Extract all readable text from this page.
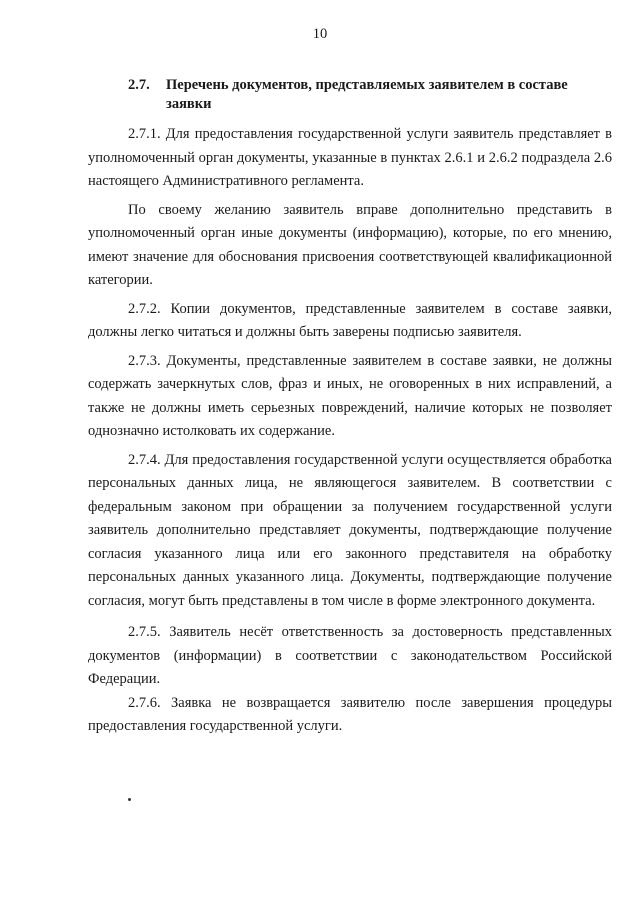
10
2.7. Перечень документов, представляемых заявителем в составе
заявки

2.7.1. Для предоставления государственной услуги заявитель представляет в уполномоченный орган документы, указанные в пунктах 2.6.1 и 2.6.2 подраздела 2.6 настоящего Административного регламента.

По своему желанию заявитель вправе дополнительно представить в уполномоченный орган иные документы (информацию), которые, по его мнению, имеют значение для обоснования присвоения соответствующей квалификационной категории.

2.7.2. Копии документов, представленные заявителем в составе заявки, должны легко читаться и должны быть заверены подписью заявителя.

2.7.3. Документы, представленные заявителем в составе заявки, не должны содержать зачеркнутых слов, фраз и иных, не оговоренных в них исправлений, а также не должны иметь серьезных повреждений, наличие которых не позволяет однозначно истолковать их содержание.

2.7.4. Для предоставления государственной услуги осуществляется обработка персональных данных лица, не являющегося заявителем. В соответствии с федеральным законом при обращении за получением государственной услуги заявитель дополнительно представляет документы, подтверждающие получение согласия указанного лица или его законного представителя на обработку персональных данных указанного лица. Документы, подтверждающие получение согласия, могут быть представлены в том числе в форме электронного документа.

2.7.5. Заявитель несёт ответственность за достоверность представленных документов (информации) в соответствии с законодательством Российской Федерации.

2.7.6. Заявка не возвращается заявителю после завершения процедуры предоставления государственной услуги.
